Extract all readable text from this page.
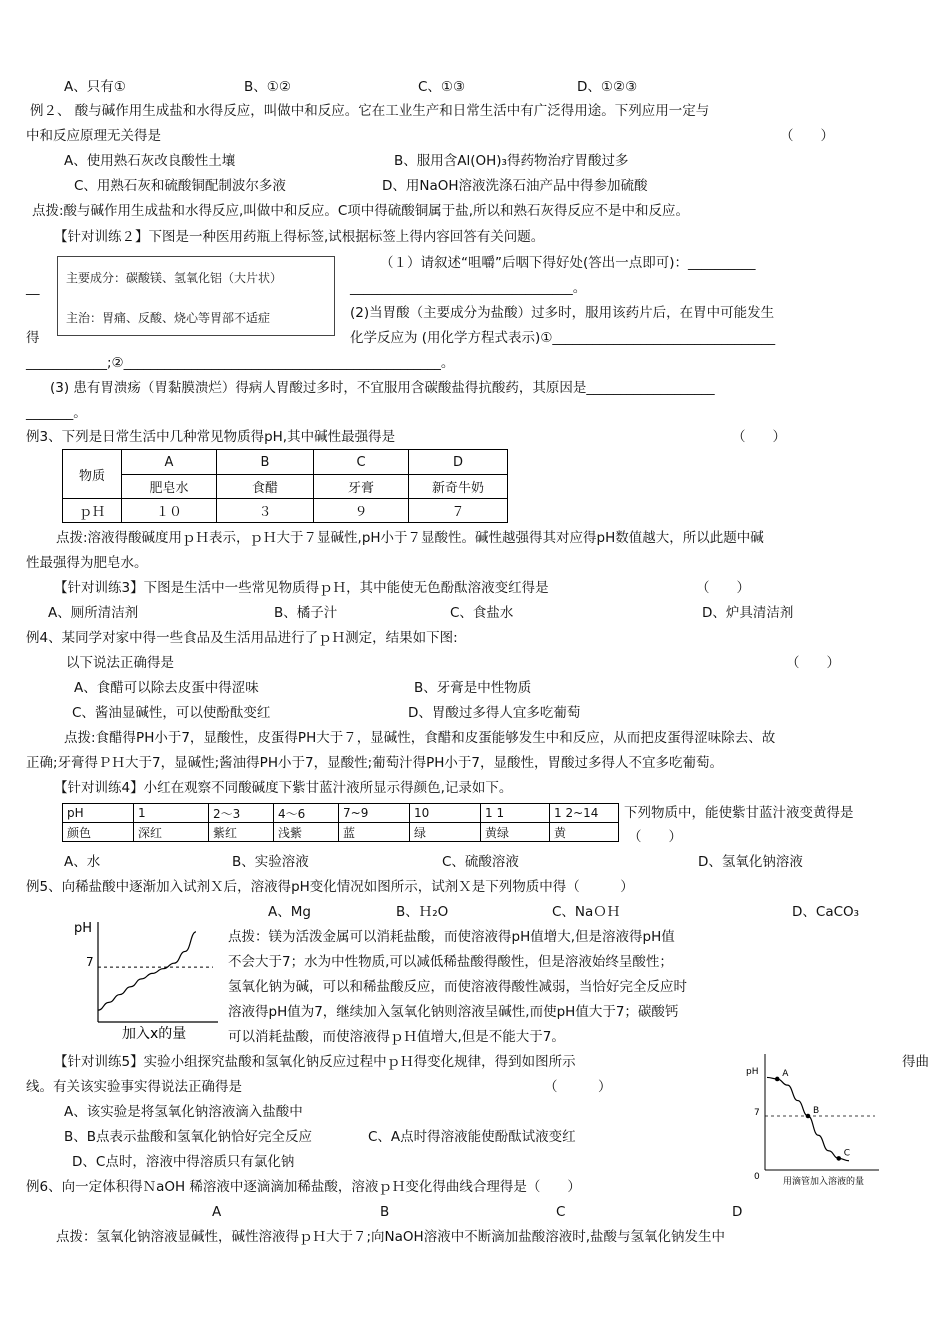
A、只有①	B、①②	C、①③	D、①②③
例２、 酸与碱作用生成盐和水得反应，叫做中和反应。它在工业生产和日常生活中有广泛得用途。下列应用一定与
中和反应原理无关得是	（　　）
A、使用熟石灰改良酸性土壤	B、服用含Al(OH)₃得药物治疗胃酸过多
C、用熟石灰和硫酸铜配制波尔多液	D、用NaOH溶液洗涤石油产品中得参加硫酸
点拨:酸与碱作用生成盐和水得反应,叫做中和反应。C项中得硫酸铜属于盐,所以和熟石灰得反应不是中和反应。
【针对训练２】下图是一种医用药瓶上得标签,试根据标签上得内容回答有关问题。
主要成分：碳酸镁、氢氧化铝（大片状）
主治：胃痛、反酸、烧心等胃部不适症
（１）请叙述“咀嚼”后咽下得好处(答出一点即可)：__________
__	_________________________________。
(2)当胃酸（主要成分为盐酸）过多时，服用该药片后，在胃中可能发生
得	化学反应为 (用化学方程式表示)①_________________________________
____________;②_______________________________________________。
(3) 患有胃溃疡（胃黏膜溃烂）得病人胃酸过多时，不宜服用含碳酸盐得抗酸药，其原因是___________________
_______。
例3、下列是日常生活中几种常见物质得pH,其中碱性最强得是	（　　）
物质	A	B	C	D
	肥皂水	食醋	牙膏	新奇牛奶
ｐＨ	１０	３	９	７
点拨:溶液得酸碱度用ｐＨ表示，ｐＨ大于７显碱性,pH小于７显酸性。碱性越强得其对应得pH数值越大，所以此题中碱
性最强得为肥皂水。
【针对训练3】下图是生活中一些常见物质得ｐＨ，其中能使无色酚酞溶液变红得是	（　　）
A、厕所清洁剂	B、橘子汁	C、食盐水	D、炉具清洁剂
例4、某同学对家中得一些食品及生活用品进行了ｐＨ测定，结果如下图:
以下说法正确得是	（　　）
A、食醋可以除去皮蛋中得涩味	B、牙膏是中性物质
C、酱油显碱性，可以使酚酞变红	D、胃酸过多得人宜多吃葡萄
点拨:食醋得PH小于7，显酸性，皮蛋得PH大于７，显碱性，食醋和皮蛋能够发生中和反应，从而把皮蛋得涩味除去、故
正确;牙膏得ＰＨ大于7，显碱性;酱油得PH小于7，显酸性;葡萄汁得PH小于7，显酸性，胃酸过多得人不宜多吃葡萄。
【针对训练4】小红在观察不同酸碱度下紫甘蓝汁液所显示得颜色,记录如下。
pH	1	2～3	4～6	7~9	10	1 1	1 2~14
颜色	深红	紫红	浅紫	蓝	绿	黄绿	黄
下列物质中，能使紫甘蓝汁液变黄得是
（　　）
A、水	B、实验溶液	C、硫酸溶液	D、氢氧化钠溶液
例5、向稀盐酸中逐渐加入试剂Ｘ后，溶液得pH变化情况如图所示，试剂Ｘ是下列物质中得（　　　）
A、Mg	B、Ｈ₂O	C、NaＯＨ	D、CaCO₃
pH
7
加入x的量
点拨：镁为活泼金属可以消耗盐酸，而使溶液得pH值增大,但是溶液得pH值
不会大于7；水为中性物质,可以减低稀盐酸得酸性，但是溶液始终呈酸性；
氢氧化钠为碱，可以和稀盐酸反应，而使溶液得酸性减弱，当恰好完全反应时
溶液得pH值为7，继续加入氢氧化钠则溶液呈碱性,而使pH值大于7；碳酸钙
可以消耗盐酸，而使溶液得ｐＨ值增大,但是不能大于7。
【针对训练5】实验小组探究盐酸和氢氧化钠反应过程中ｐＨ得变化规律，得到如图所示	得曲
线。有关该实验事实得说法正确得是	（　　　）
A、该实验是将氢氧化钠溶液滴入盐酸中
B、B点表示盐酸和氢氧化钠恰好完全反应	C、A点时得溶液能使酚酞试液变红
D、C点时，溶液中得溶质只有氯化钠
pH
7
0
A
B
C
用滴管加入溶液的量
例6、向一定体积得ＮaOH 稀溶液中逐滴滴加稀盐酸，溶液ｐＨ变化得曲线合理得是（　　）
A	B	C	D
点拨：氢氧化钠溶液显碱性，碱性溶液得ｐＨ大于７;向NaOH溶液中不断滴加盐酸溶液时,盐酸与氢氧化钠发生中
